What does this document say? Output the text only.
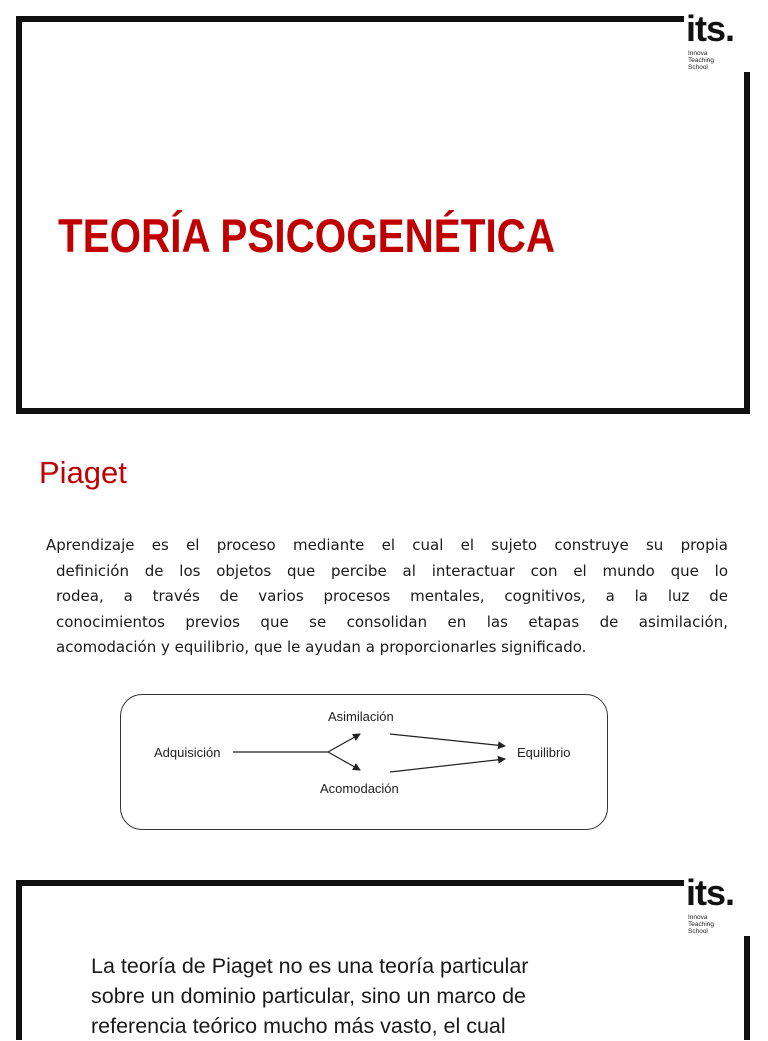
its.
Innova
Teaching
School
TEORÍA PSICOGENÉTICA
Piaget
Aprendizaje es el proceso mediante el cual el sujeto construye su propia
definición de los objetos que percibe al interactuar con el mundo que lo
rodea, a través de varios procesos mentales, cognitivos, a la luz de
conocimientos previos que se consolidan en las etapas de asimilación,
acomodación y equilibrio, que le ayudan a proporcionarles significado.
Adquisición
Asimilación
Acomodación
Equilibrio
its.
Innova
Teaching
School
La teoría de Piaget no es una teoría particular
sobre un dominio particular, sino un marco de
referencia teórico mucho más vasto, el cual
